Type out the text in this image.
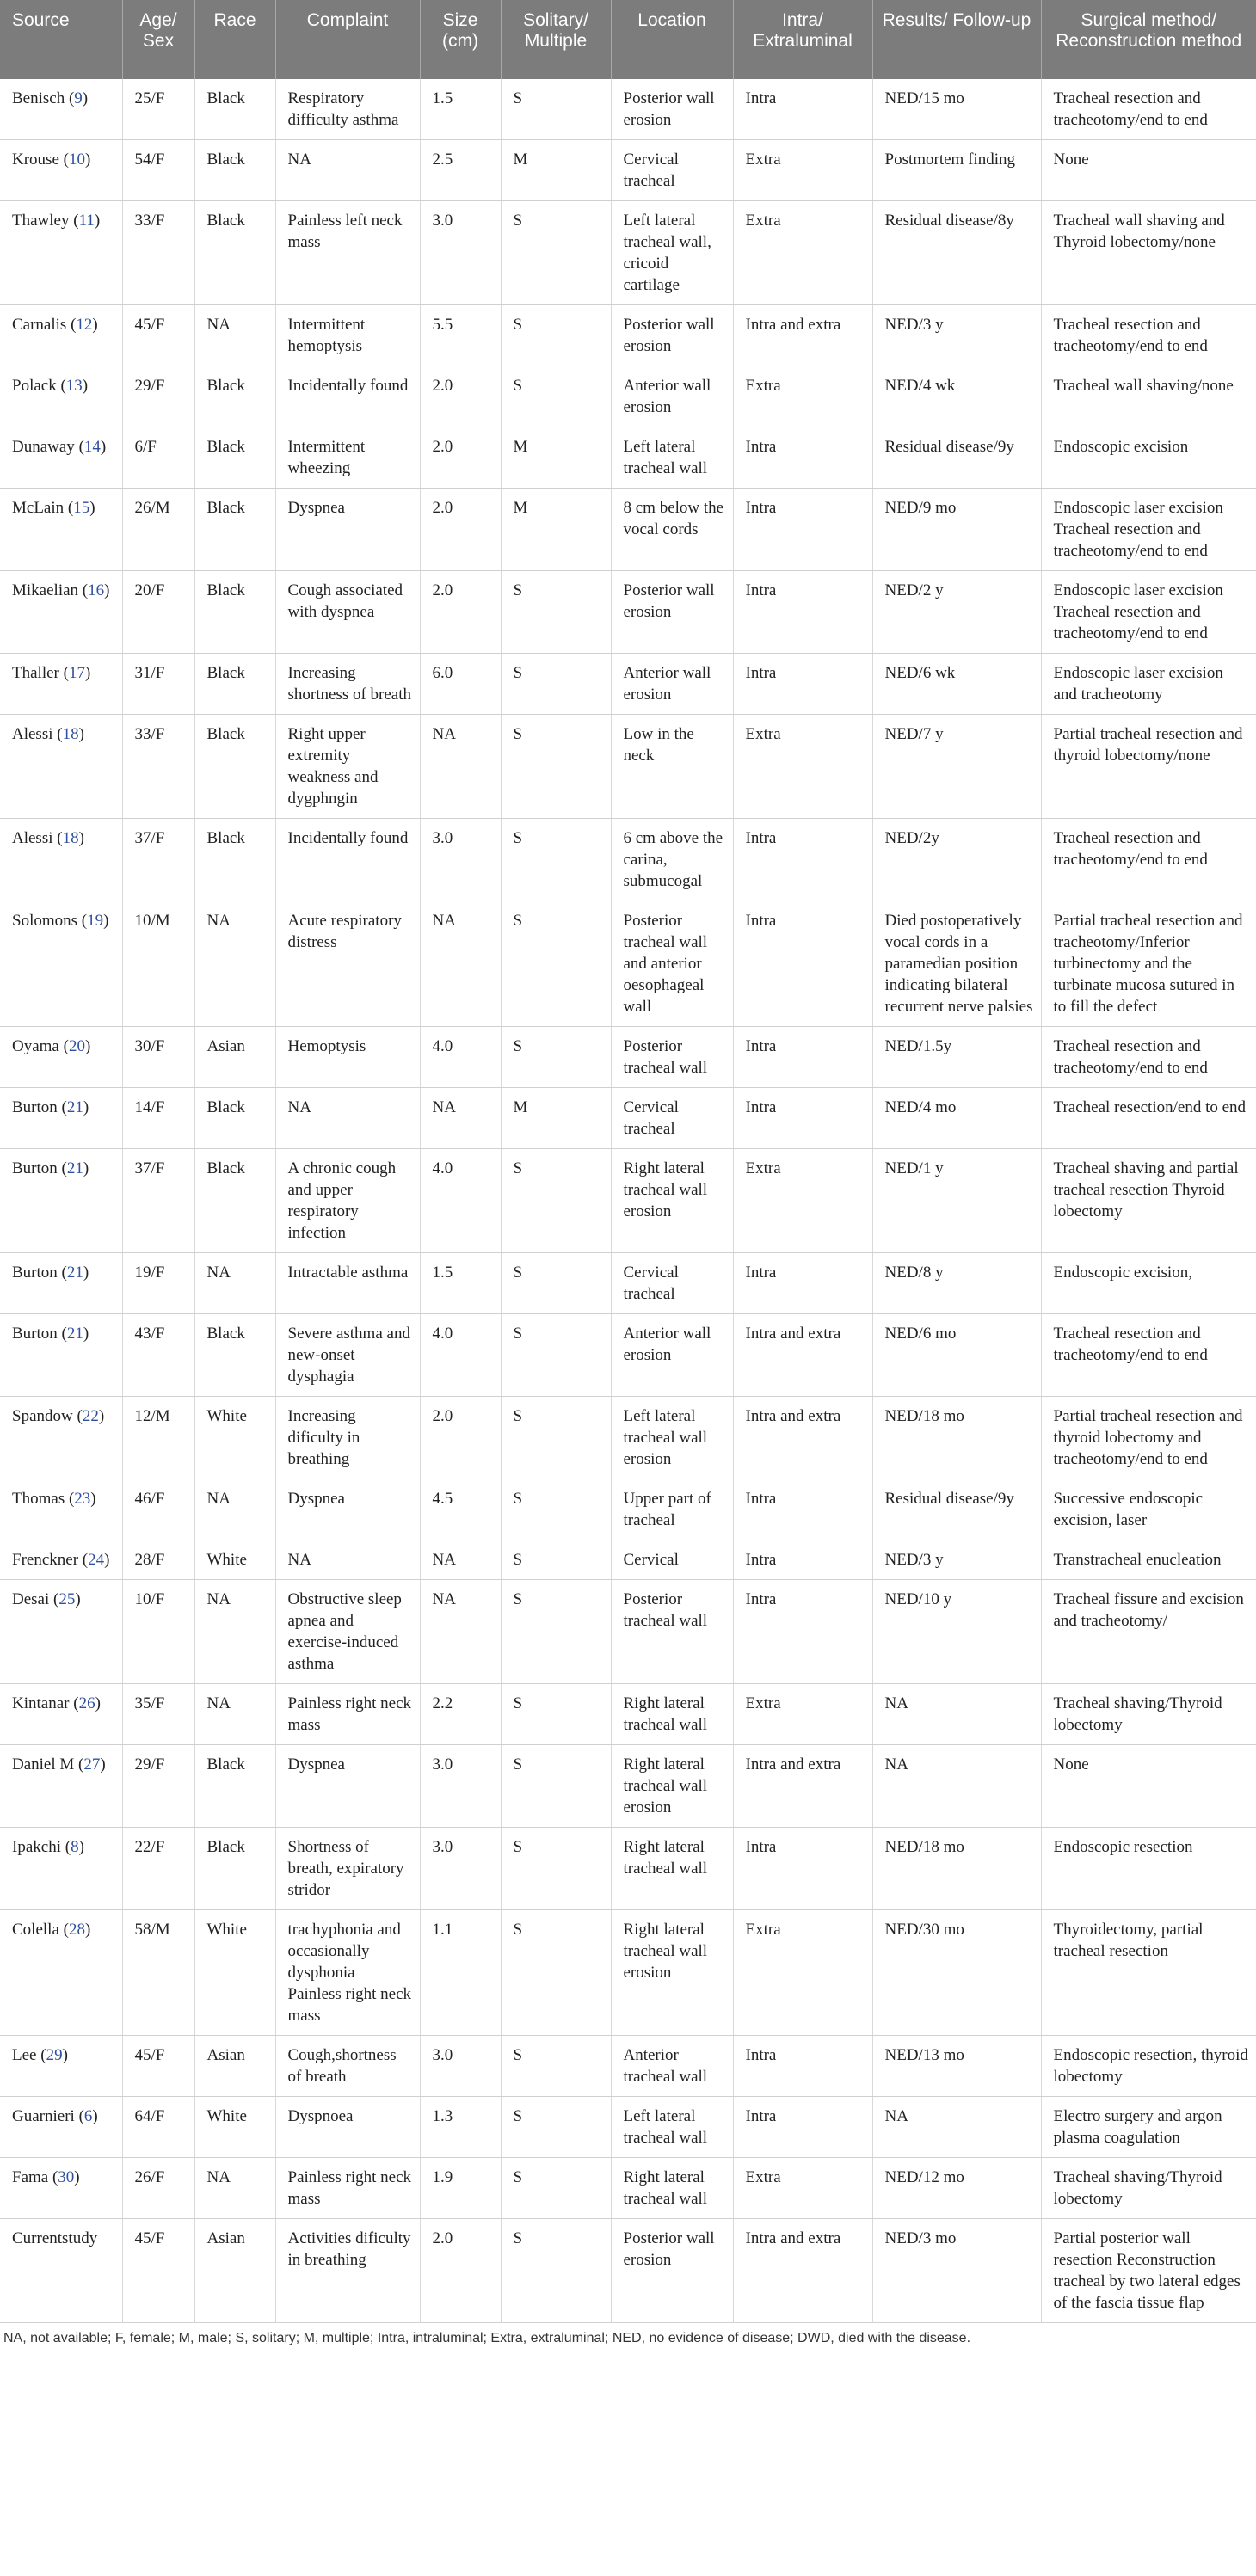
Source	Age/ Sex	Race	Complaint	Size (cm)	Solitary/ Multiple	Location	Intra/ Extraluminal	Results/ Follow-up	Surgical method/ Reconstruction method
Benisch (9)	25/F	Black	Respiratory difficulty asthma	1.5	S	Posterior wall erosion	Intra	NED/15 mo	Tracheal resection and tracheotomy/end to end
Krouse (10)	54/F	Black	NA	2.5	M	Cervical tracheal	Extra	Postmortem finding	None
Thawley (11)	33/F	Black	Painless left neck mass	3.0	S	Left lateral tracheal wall, cricoid cartilage	Extra	Residual disease/8y	Tracheal wall shaving and Thyroid lobectomy/none
Carnalis (12)	45/F	NA	Intermittent hemoptysis	5.5	S	Posterior wall erosion	Intra and extra	NED/3 y	Tracheal resection and tracheotomy/end to end
Polack (13)	29/F	Black	Incidentally found	2.0	S	Anterior wall erosion	Extra	NED/4 wk	Tracheal wall shaving/none
Dunaway (14)	6/F	Black	Intermittent wheezing	2.0	M	Left lateral tracheal wall	Intra	Residual disease/9y	Endoscopic excision
McLain (15)	26/M	Black	Dyspnea	2.0	M	8 cm below the vocal cords	Intra	NED/9 mo	Endoscopic laser excision Tracheal resection and tracheotomy/end to end
Mikaelian (16)	20/F	Black	Cough associated with dyspnea	2.0	S	Posterior wall erosion	Intra	NED/2 y	Endoscopic laser excision Tracheal resection and tracheotomy/end to end
Thaller (17)	31/F	Black	Increasing shortness of breath	6.0	S	Anterior wall erosion	Intra	NED/6 wk	Endoscopic laser excision and tracheotomy
Alessi (18)	33/F	Black	Right upper extremity weakness and dygphngin	NA	S	Low in the neck	Extra	NED/7 y	Partial tracheal resection and thyroid lobectomy/none
Alessi (18)	37/F	Black	Incidentally found	3.0	S	6 cm above the carina, submucogal	Intra	NED/2y	Tracheal resection and tracheotomy/end to end
Solomons (19)	10/M	NA	Acute respiratory distress	NA	S	Posterior tracheal wall and anterior oesophageal wall	Intra	Died postoperatively vocal cords in a paramedian position indicating bilateral recurrent nerve palsies	Partial tracheal resection and tracheotomy/Inferior turbinectomy and the turbinate mucosa sutured in to fill the defect
Oyama (20)	30/F	Asian	Hemoptysis	4.0	S	Posterior tracheal wall	Intra	NED/1.5y	Tracheal resection and tracheotomy/end to end
Burton (21)	14/F	Black	NA	NA	M	Cervical tracheal	Intra	NED/4 mo	Tracheal resection/end to end
Burton (21)	37/F	Black	A chronic cough and upper respiratory infection	4.0	S	Right lateral tracheal wall erosion	Extra	NED/1 y	Tracheal shaving and partial tracheal resection Thyroid lobectomy
Burton (21)	19/F	NA	Intractable asthma	1.5	S	Cervical tracheal	Intra	NED/8 y	Endoscopic excision,
Burton (21)	43/F	Black	Severe asthma and new-onset dysphagia	4.0	S	Anterior wall erosion	Intra and extra	NED/6 mo	Tracheal resection and tracheotomy/end to end
Spandow (22)	12/M	White	Increasing dificulty in breathing	2.0	S	Left lateral tracheal wall erosion	Intra and extra	NED/18 mo	Partial tracheal resection and thyroid lobectomy and tracheotomy/end to end
Thomas (23)	46/F	NA	Dyspnea	4.5	S	Upper part of tracheal	Intra	Residual disease/9y	Successive endoscopic excision, laser
Frenckner (24)	28/F	White	NA	NA	S	Cervical	Intra	NED/3 y	Transtracheal enucleation
Desai (25)	10/F	NA	Obstructive sleep apnea and exercise-induced asthma	NA	S	Posterior tracheal wall	Intra	NED/10 y	Tracheal fissure and excision and tracheotomy/
Kintanar (26)	35/F	NA	Painless right neck mass	2.2	S	Right lateral tracheal wall	Extra	NA	Tracheal shaving/Thyroid lobectomy
Daniel M (27)	29/F	Black	Dyspnea	3.0	S	Right lateral tracheal wall erosion	Intra and extra	NA	None
Ipakchi (8)	22/F	Black	Shortness of breath, expiratory stridor	3.0	S	Right lateral tracheal wall	Intra	NED/18 mo	Endoscopic resection
Colella (28)	58/M	White	trachyphonia and occasionally dysphonia Painless right neck mass	1.1	S	Right lateral tracheal wall erosion	Extra	NED/30 mo	Thyroidectomy, partial tracheal resection
Lee (29)	45/F	Asian	Cough,shortness of breath	3.0	S	Anterior tracheal wall	Intra	NED/13 mo	Endoscopic resection, thyroid lobectomy
Guarnieri (6)	64/F	White	Dyspnoea	1.3	S	Left lateral tracheal wall	Intra	NA	Electro surgery and argon plasma coagulation
Fama (30)	26/F	NA	Painless right neck mass	1.9	S	Right lateral tracheal wall	Extra	NED/12 mo	Tracheal shaving/Thyroid lobectomy
Currentstudy	45/F	Asian	Activities dificulty in breathing	2.0	S	Posterior wall erosion	Intra and extra	NED/3 mo	Partial posterior wall resection Reconstruction tracheal by two lateral edges of the fascia tissue flap
NA, not available; F, female; M, male; S, solitary; M, multiple; Intra, intraluminal; Extra, extraluminal; NED, no evidence of disease; DWD, died with the disease.
